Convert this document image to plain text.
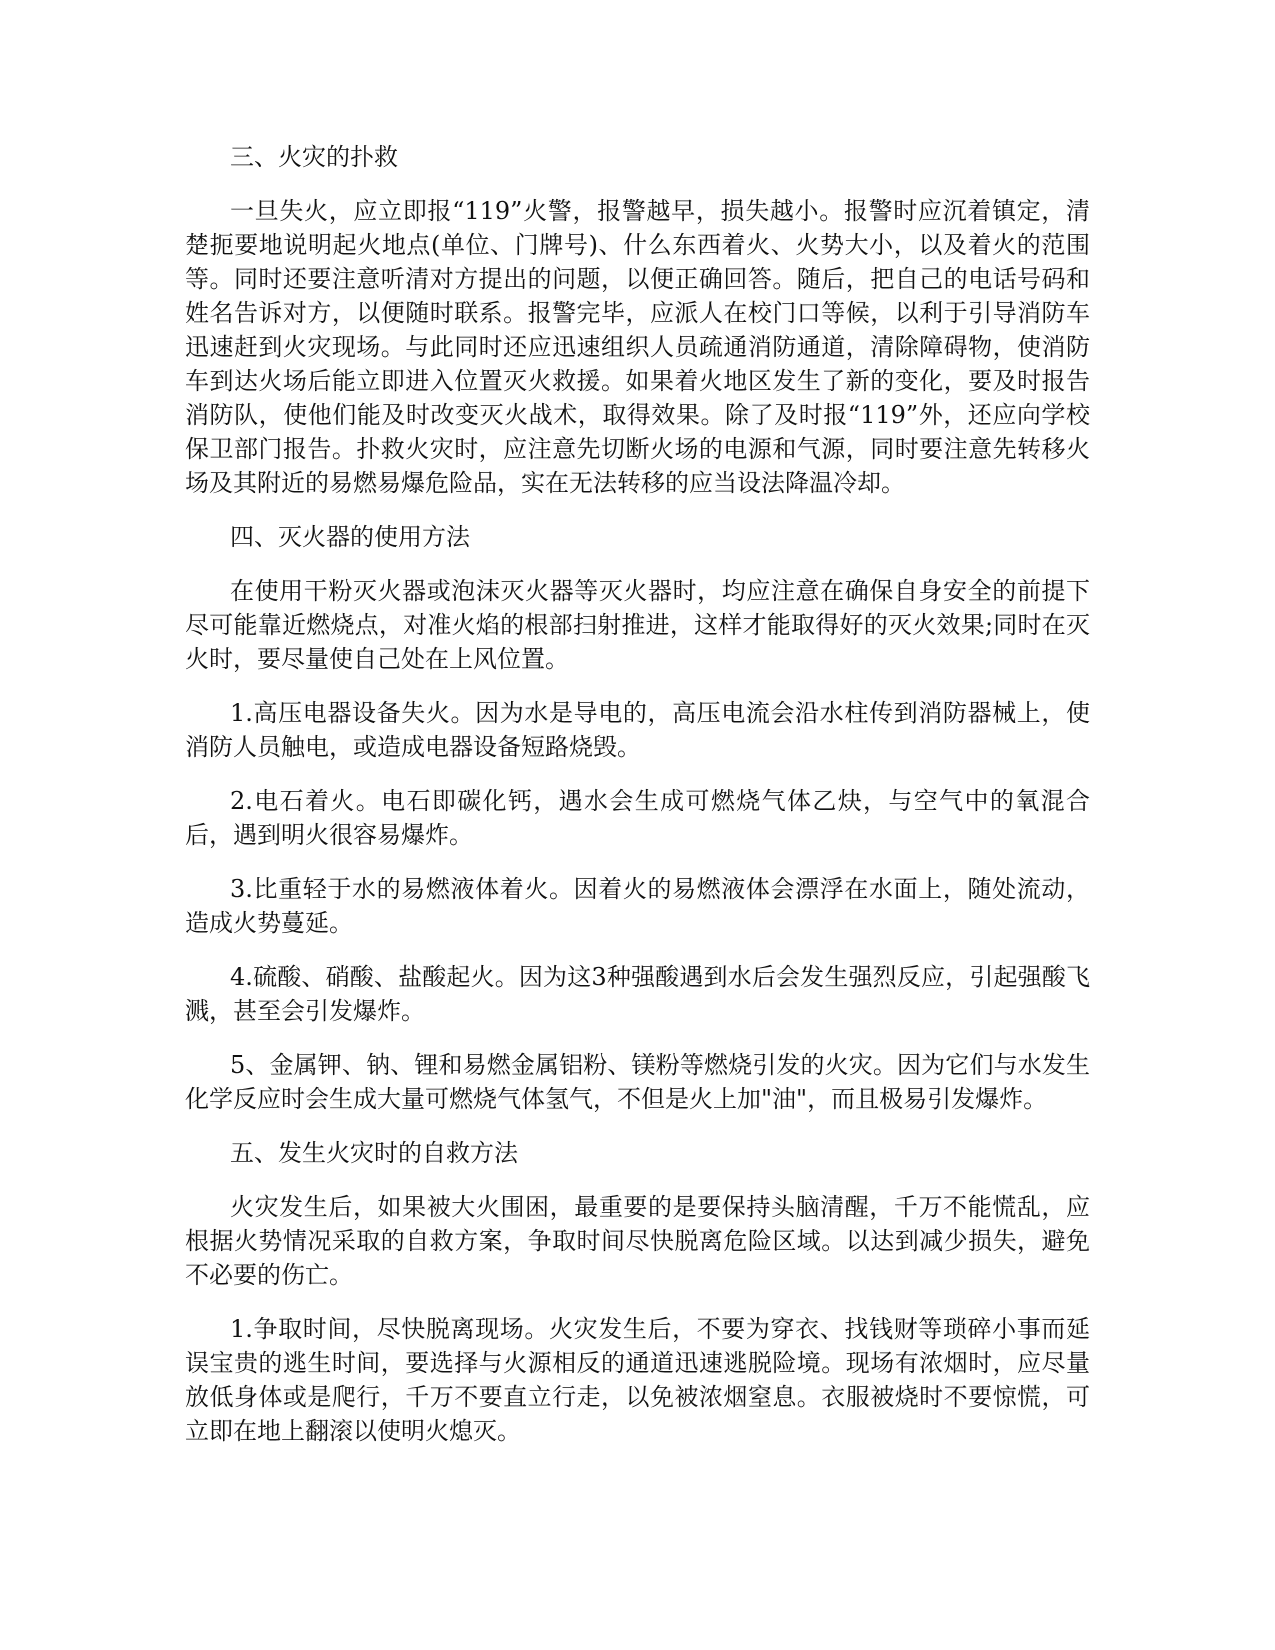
三、火灾的扑救

一旦失火，应立即报“119”火警，报警越早，损失越小。报警时应沉着镇定，清楚扼要地说明起火地点(单位、门牌号)、什么东西着火、火势大小，以及着火的范围等。同时还要注意听清对方提出的问题，以便正确回答。随后，把自己的电话号码和姓名告诉对方，以便随时联系。报警完毕，应派人在校门口等候，以利于引导消防车迅速赶到火灾现场。与此同时还应迅速组织人员疏通消防通道，清除障碍物，使消防车到达火场后能立即进入位置灭火救援。如果着火地区发生了新的变化，要及时报告消防队，使他们能及时改变灭火战术，取得效果。除了及时报“119”外，还应向学校保卫部门报告。扑救火灾时，应注意先切断火场的电源和气源，同时要注意先转移火场及其附近的易燃易爆危险品，实在无法转移的应当设法降温冷却。

四、灭火器的使用方法

在使用干粉灭火器或泡沫灭火器等灭火器时，均应注意在确保自身安全的前提下尽可能靠近燃烧点，对准火焰的根部扫射推进，这样才能取得好的灭火效果;同时在灭火时，要尽量使自己处在上风位置。

1.高压电器设备失火。因为水是导电的，高压电流会沿水柱传到消防器械上，使消防人员触电，或造成电器设备短路烧毁。

2.电石着火。电石即碳化钙，遇水会生成可燃烧气体乙炔，与空气中的氧混合后，遇到明火很容易爆炸。

3.比重轻于水的易燃液体着火。因着火的易燃液体会漂浮在水面上，随处流动，造成火势蔓延。

4.硫酸、硝酸、盐酸起火。因为这3种强酸遇到水后会发生强烈反应，引起强酸飞溅，甚至会引发爆炸。

5、金属钾、钠、锂和易燃金属铝粉、镁粉等燃烧引发的火灾。因为它们与水发生化学反应时会生成大量可燃烧气体氢气，不但是火上加"油"，而且极易引发爆炸。

五、发生火灾时的自救方法

火灾发生后，如果被大火围困，最重要的是要保持头脑清醒，千万不能慌乱，应根据火势情况采取的自救方案，争取时间尽快脱离危险区域。以达到减少损失，避免不必要的伤亡。

1.争取时间，尽快脱离现场。火灾发生后，不要为穿衣、找钱财等琐碎小事而延误宝贵的逃生时间，要选择与火源相反的通道迅速逃脱险境。现场有浓烟时，应尽量放低身体或是爬行，千万不要直立行走，以免被浓烟窒息。衣服被烧时不要惊慌，可立即在地上翻滚以使明火熄灭。
